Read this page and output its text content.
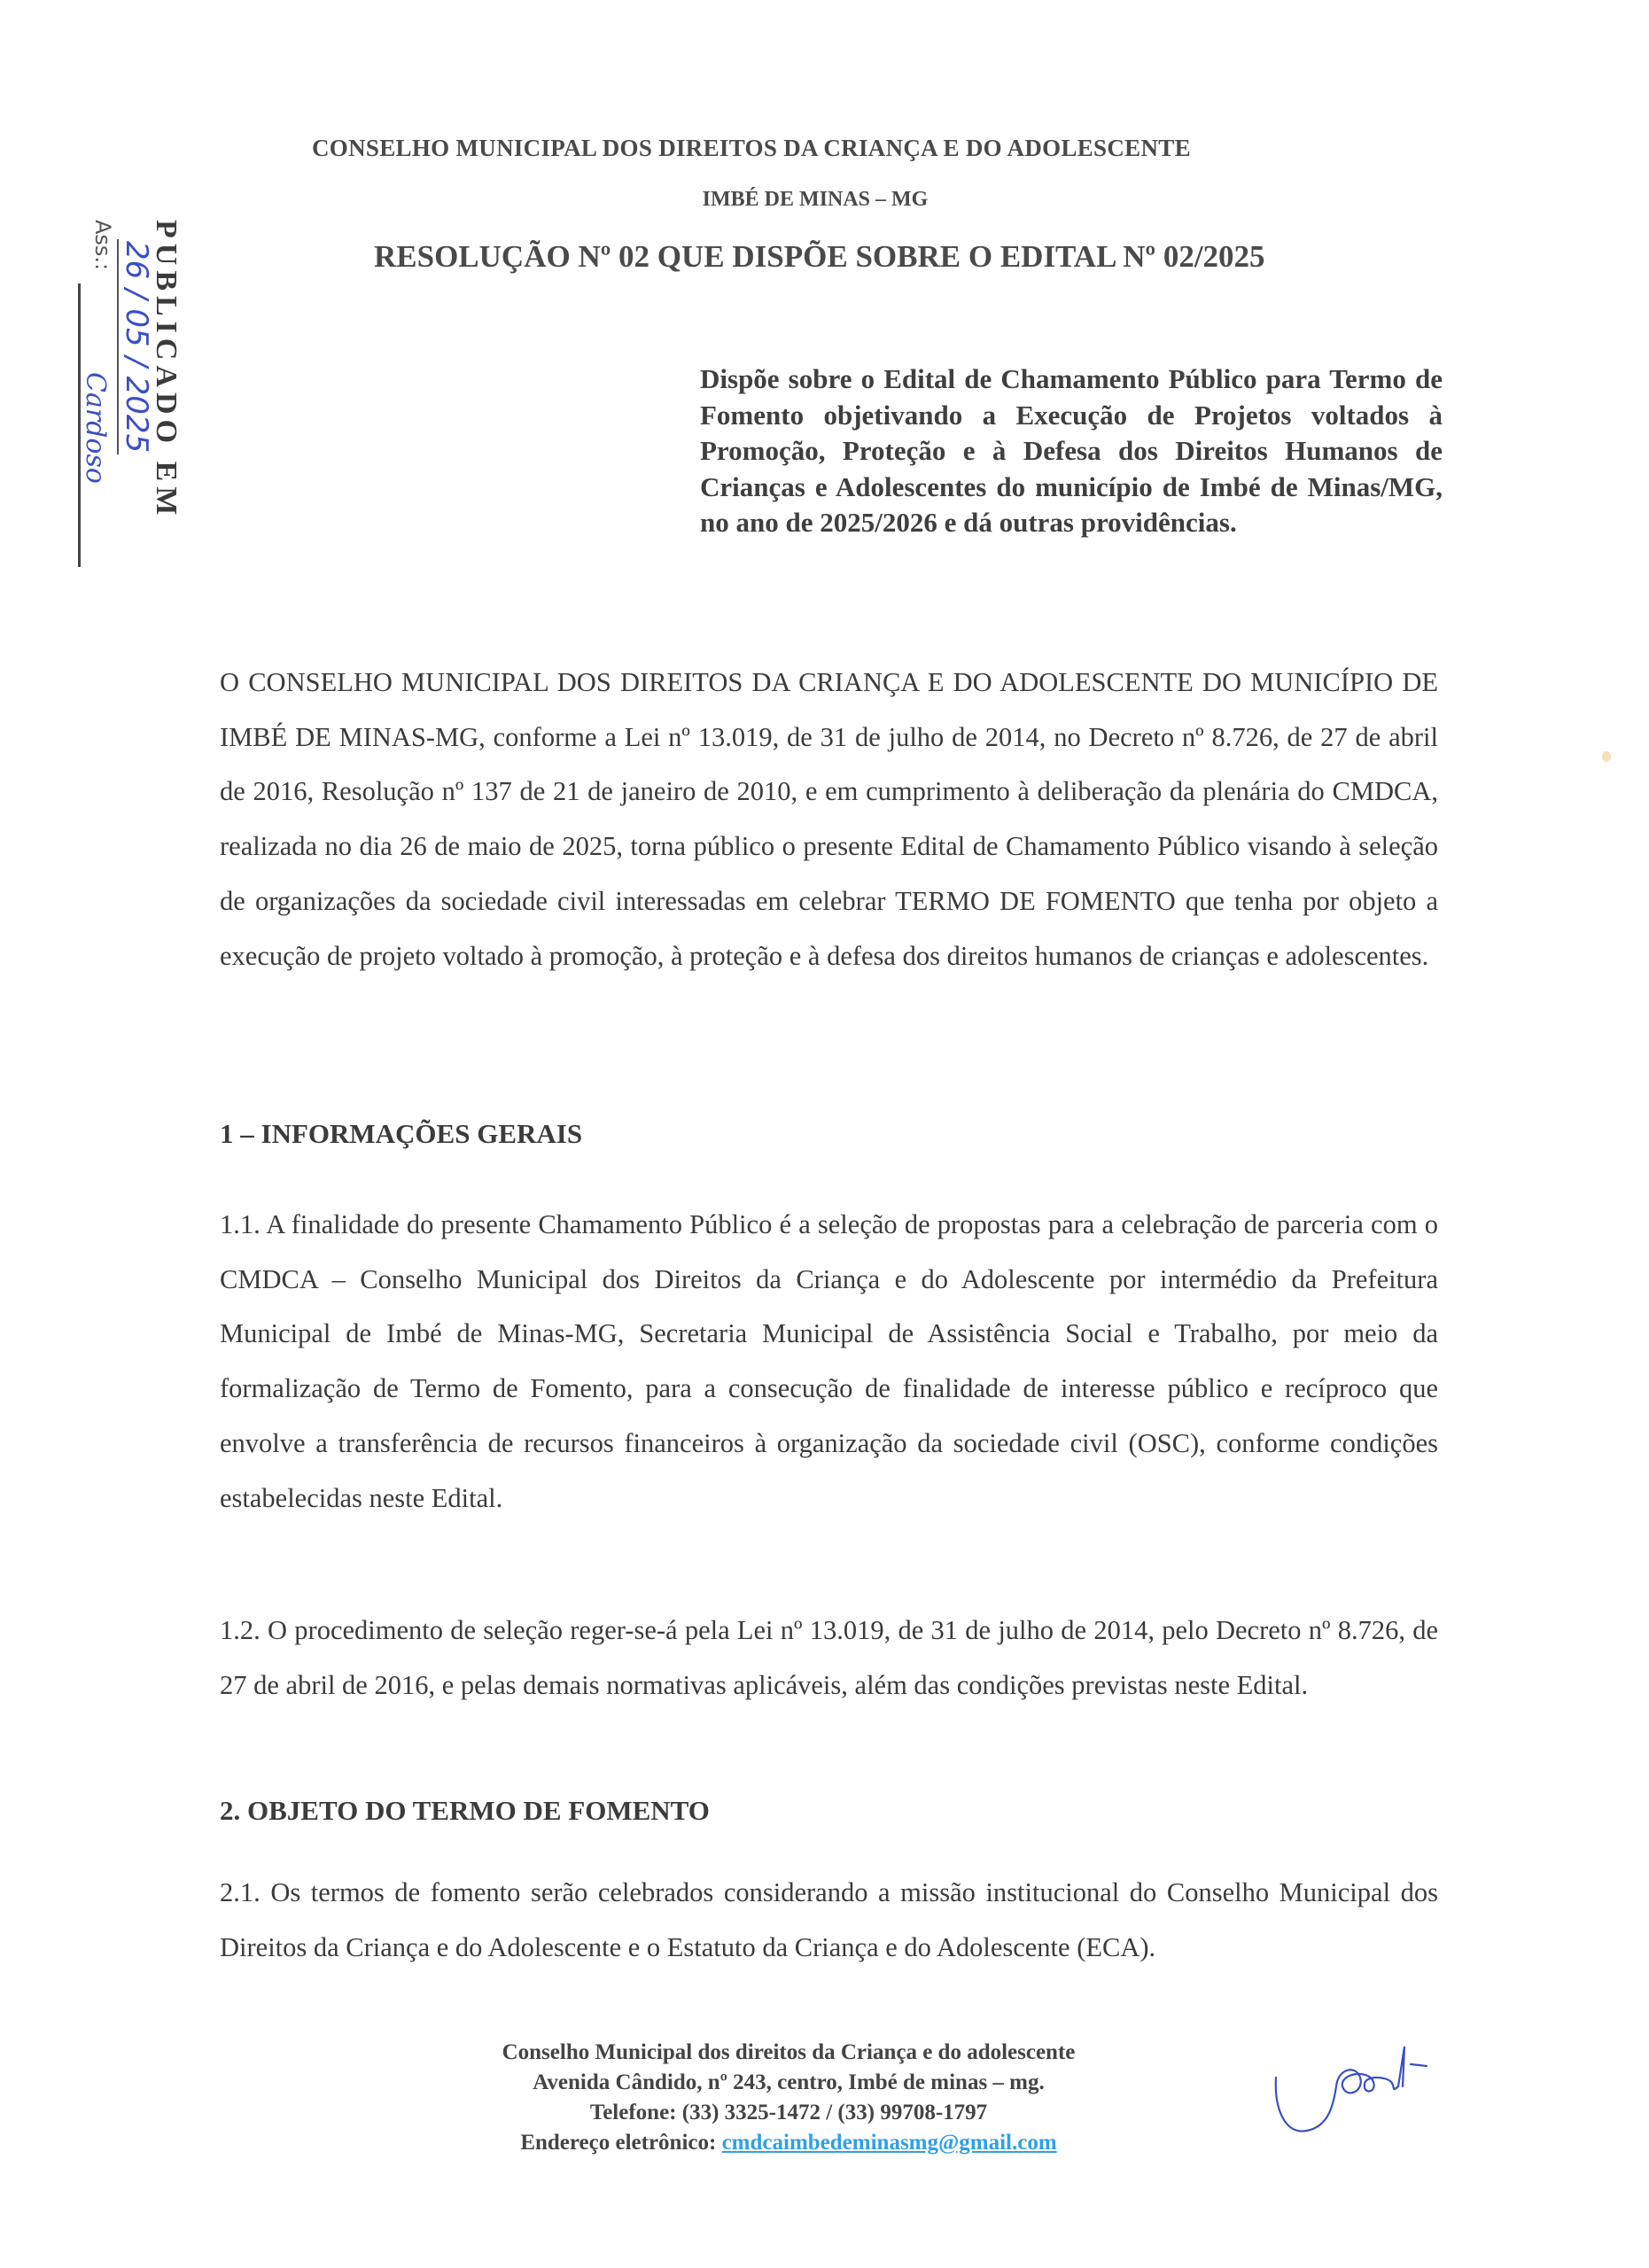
PUBLICADO EM
26 / 05 / 2025
Ass.:
Cardoso
CONSELHO MUNICIPAL DOS DIREITOS DA CRIANÇA E DO ADOLESCENTE
IMBÉ DE MINAS – MG
RESOLUÇÃO Nº 02 QUE DISPÕE SOBRE O EDITAL Nº 02/2025
Dispõe sobre o Edital de Chamamento Público para Termo de Fomento objetivando a Execução de Projetos voltados à Promoção, Proteção e à Defesa dos Direitos Humanos de Crianças e Adolescentes do município de Imbé de Minas/MG, no ano de 2025/2026 e dá outras providências.
O CONSELHO MUNICIPAL DOS DIREITOS DA CRIANÇA E DO ADOLESCENTE DO MUNICÍPIO DE IMBÉ DE MINAS-MG, conforme a Lei nº 13.019, de 31 de julho de 2014, no Decreto nº 8.726, de 27 de abril de 2016, Resolução nº 137 de 21 de janeiro de 2010, e em cumprimento à deliberação da plenária do CMDCA, realizada no dia 26 de maio de 2025, torna público o presente Edital de Chamamento Público visando à seleção de organizações da sociedade civil interessadas em celebrar TERMO DE FOMENTO que tenha por objeto a execução de projeto voltado à promoção, à proteção e à defesa dos direitos humanos de crianças e adolescentes.
1 – INFORMAÇÕES GERAIS
1.1. A finalidade do presente Chamamento Público é a seleção de propostas para a celebração de parceria com o CMDCA – Conselho Municipal dos Direitos da Criança e do Adolescente por intermédio da Prefeitura Municipal de Imbé de Minas-MG, Secretaria Municipal de Assistência Social e Trabalho, por meio da formalização de Termo de Fomento, para a consecução de finalidade de interesse público e recíproco que envolve a transferência de recursos financeiros à organização da sociedade civil (OSC), conforme condições estabelecidas neste Edital.
1.2. O procedimento de seleção reger-se-á pela Lei nº 13.019, de 31 de julho de 2014, pelo Decreto nº 8.726, de 27 de abril de 2016, e pelas demais normativas aplicáveis, além das condições previstas neste Edital.
2. OBJETO DO TERMO DE FOMENTO
2.1. Os termos de fomento serão celebrados considerando a missão institucional do Conselho Municipal dos Direitos da Criança e do Adolescente e o Estatuto da Criança e do Adolescente (ECA).
Conselho Municipal dos direitos da Criança e do adolescente
Avenida Cândido, nº 243, centro, Imbé de minas – mg.
Telefone: (33) 3325-1472 / (33) 99708-1797
Endereço eletrônico: cmdcaimbedeminasmg@gmail.com
